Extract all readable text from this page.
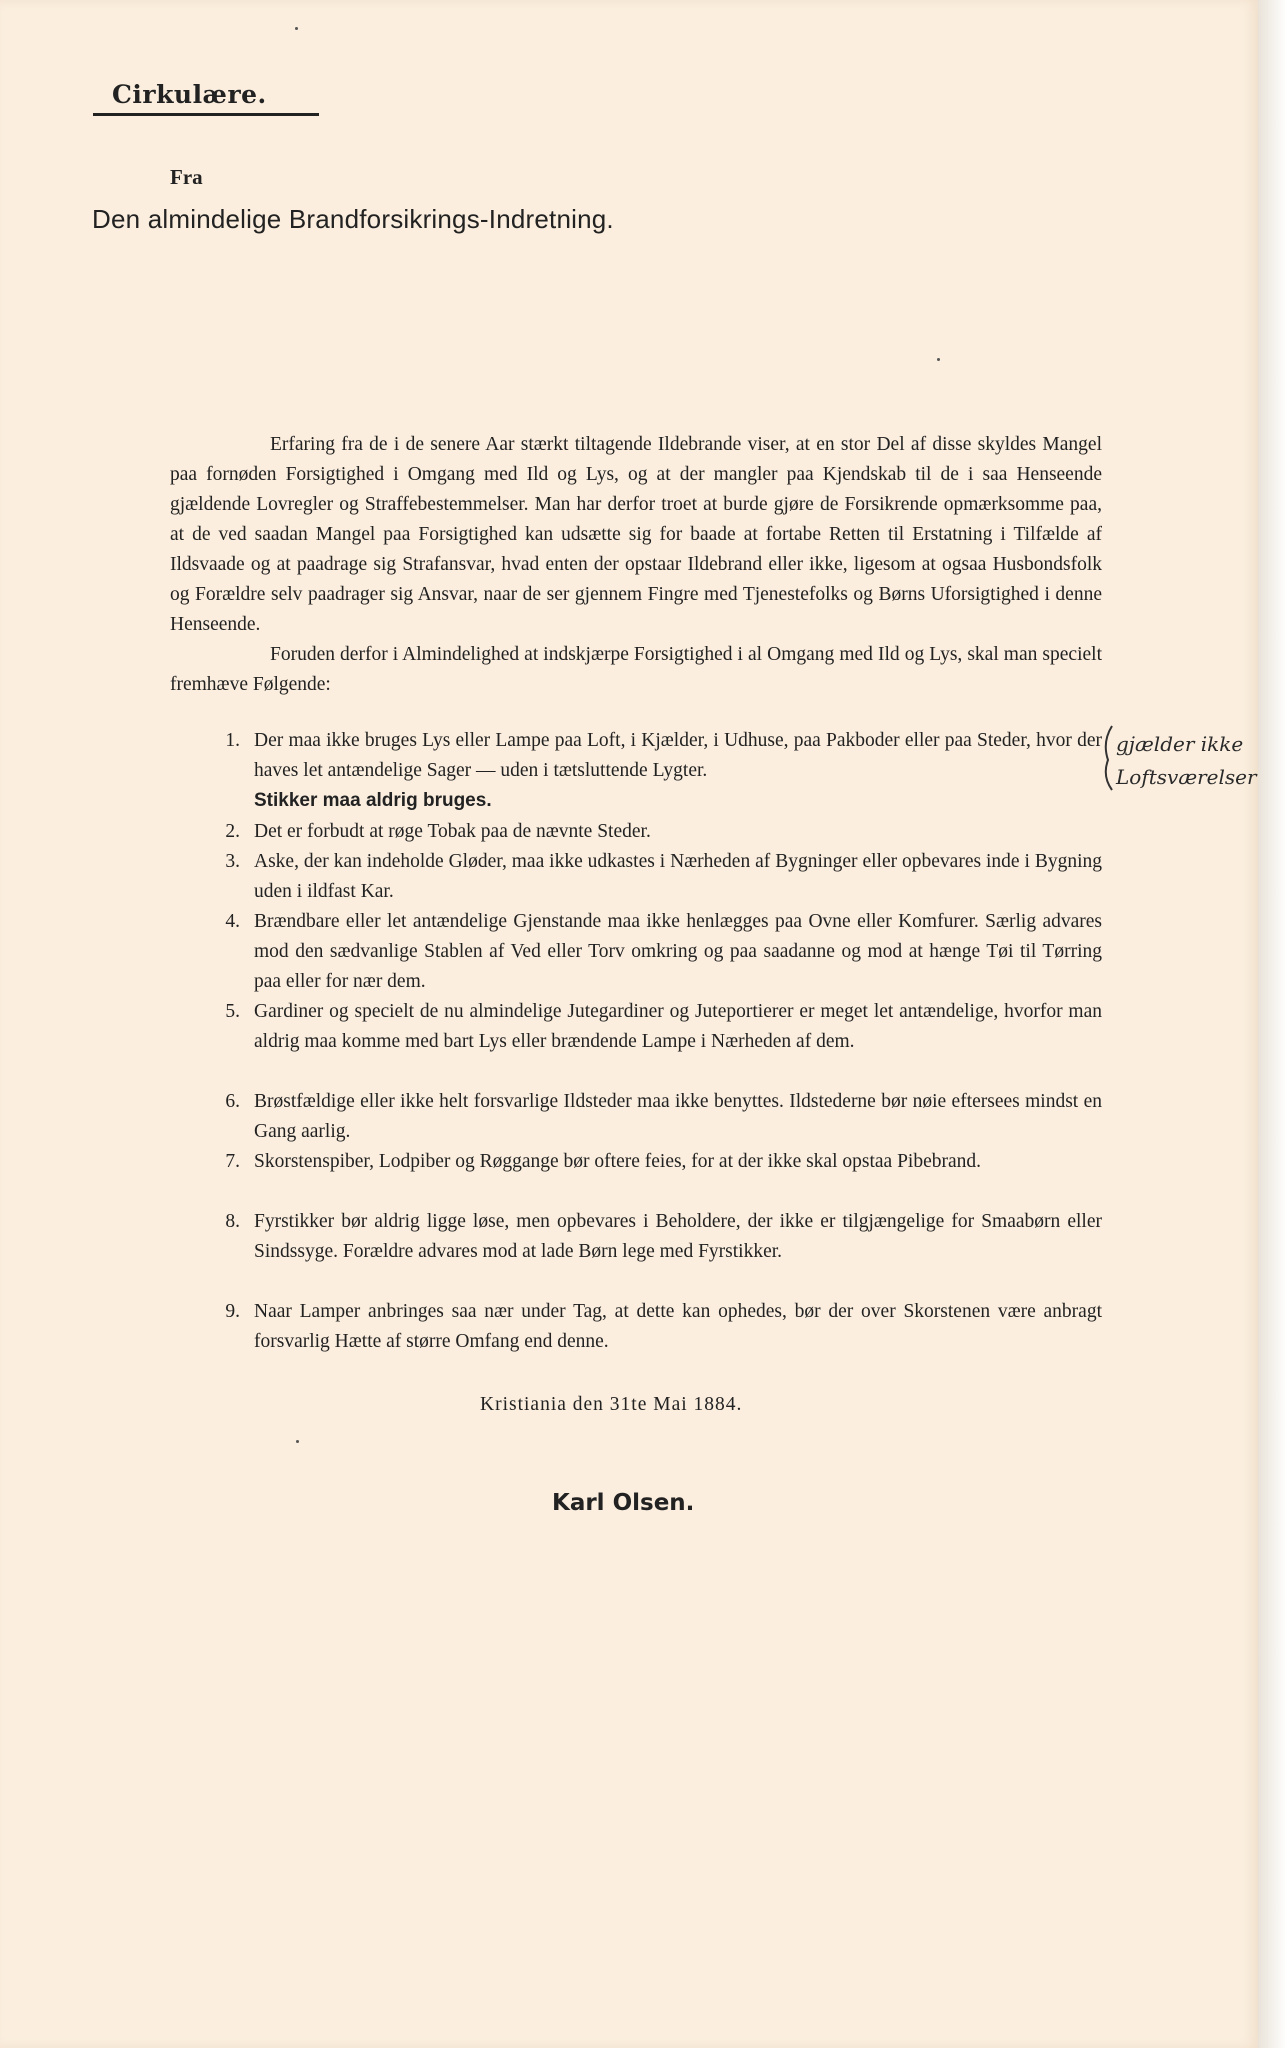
Cirkulære.
Fra
Den almindelige Brandforsikrings-Indretning.

Erfaring fra de i de senere Aar stærkt tiltagende Ildebrande viser, at en stor Del af disse skyldes Mangel paa fornøden Forsigtighed i Omgang med Ild og Lys, og at der mangler paa Kjendskab til de i saa Henseende gjældende Lovregler og Straffebestemmelser. Man har derfor troet at burde gjøre de Forsikrende opmærksomme paa, at de ved saadan Mangel paa Forsigtighed kan udsætte sig for baade at fortabe Retten til Erstatning i Tilfælde af Ildsvaade og at paadrage sig Strafansvar, hvad enten der opstaar Ildebrand eller ikke, ligesom at ogsaa Husbondsfolk og Forældre selv paadrager sig Ansvar, naar de ser gjennem Fingre med Tjenestefolks og Børns Uforsigtighed i denne Henseende.

Foruden derfor i Almindelighed at indskjærpe Forsigtighed i al Omgang med Ild og Lys, skal man specielt fremhæve Følgende:

1. Der maa ikke bruges Lys eller Lampe paa Loft, i Kjælder, i Udhuse, paa Pakboder eller paa Steder, hvor der haves let antændelige Sager — uden i tætsluttende Lygter.
Stikker maa aldrig bruges.
2. Det er forbudt at røge Tobak paa de nævnte Steder.
3. Aske, der kan indeholde Gløder, maa ikke udkastes i Nærheden af Bygninger eller opbevares inde i Bygning uden i ildfast Kar.
4. Brændbare eller let antændelige Gjenstande maa ikke henlægges paa Ovne eller Komfurer. Særlig advares mod den sædvanlige Stablen af Ved eller Torv omkring og paa saadanne og mod at hænge Tøi til Tørring paa eller for nær dem.
5. Gardiner og specielt de nu almindelige Jutegardiner og Juteportierer er meget let antændelige, hvorfor man aldrig maa komme med bart Lys eller brændende Lampe i Nærheden af dem.
6. Brøstfældige eller ikke helt forsvarlige Ildsteder maa ikke benyttes. Ildstederne bør nøie eftersees mindst en Gang aarlig.
7. Skorstenspiber, Lodpiber og Røggange bør oftere feies, for at der ikke skal opstaa Pibebrand.
8. Fyrstikker bør aldrig ligge løse, men opbevares i Beholdere, der ikke er tilgjængelige for Smaabørn eller Sindssyge. Forældre advares mod at lade Børn lege med Fyrstikker.
9. Naar Lamper anbringes saa nær under Tag, at dette kan ophedes, bør der over Skorstenen være anbragt forsvarlig Hætte af større Omfang end denne.
Kristiania den 31te Mai 1884.
Karl Olsen.
gjælder ikke
Loftsværelser
